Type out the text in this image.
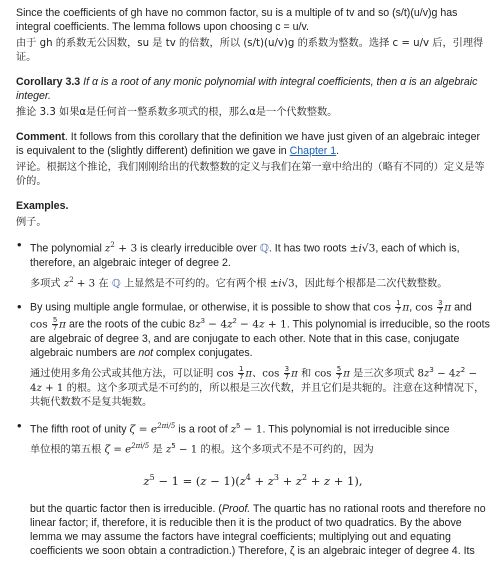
Since the coefficients of gh have no common factor, su is a multiple of tv and so (s/t)(u/v)g has integral coefficients. The lemma follows upon choosing c = u/v.

由于 gh 的系数无公因数，su 是 tv 的倍数，所以 (s/t)(u/v)g 的系数为整数。选择 c = u/v 后，引理得证。

Corollary 3.3 If α is a root of any monic polynomial with integral coefficients, then α is an algebraic integer.

推论 3.3 如果α是任何首一整系数多项式的根，那么α是一个代数整数。

Comment. It follows from this corollary that the definition we have just given of an algebraic integer is equivalent to the (slightly different) definition we gave in Chapter 1.

评论。根据这个推论，我们刚刚给出的代数整数的定义与我们在第一章中给出的（略有不同的）定义是等价的。

Examples.

例子。

• The polynomial $z^2 + 3$ is clearly irreducible over ℚ. It has two roots ±i√3, each of which is, therefore, an algebraic integer of degree 2.

多项式 $z^2 + 3$ 在 ℚ 上显然是不可约的。它有两个根 ±i√3，因此每个根都是二次代数整数。

• By using multiple angle formulae, or otherwise, it is possible to show that $\cos \frac{1}{7} \pi$, $\cos \frac{3}{7}$ π and $\cos \frac{5}{7}$ π are the roots of the cubic $8z^3 - 4z^2 - 4z + 1$. This polynomial is irreducible, so the roots are algebraic of degree 3, and are conjugate to each other. Note that in this case, conjugate algebraic numbers are not complex conjugates.

通过使用多角公式或其他方法，可以证明 $\cos \frac{1}{7}$ π、$\cos \frac{3}{7}$ π 和 $\cos \frac{5}{7}$ π 是三次多项式 $8z^3 - 4z^2 - 4z + 1$ 的根。这个多项式是不可约的，所以根是三次代数，并且它们是共轭的。注意在这种情况下，共轭代数数不是复共轭数。

• The fifth root of unity $\zeta = e^{2\pi i/5}$ is a root of $z^5 - 1$. This polynomial is not irreducible since

单位根的第五根 $\zeta = e^{2\pi i/5}$ 是 $z^5 - 1$ 的根。这个多项式不是不可约的，因为

$z^5 - 1 = (z - 1)(z^4 + z^3 + z^2 + z + 1)$,

but the quartic factor then is irreducible. (Proof. The quartic has no rational roots and therefore no linear factor; if, therefore, it is reducible then it is the product of two quadratics. By the above lemma we may assume the factors have integral coefficients; multiplying out and equating coefficients we soon obtain a contradiction.) Therefore, ζ is an algebraic integer of degree 4. Its
